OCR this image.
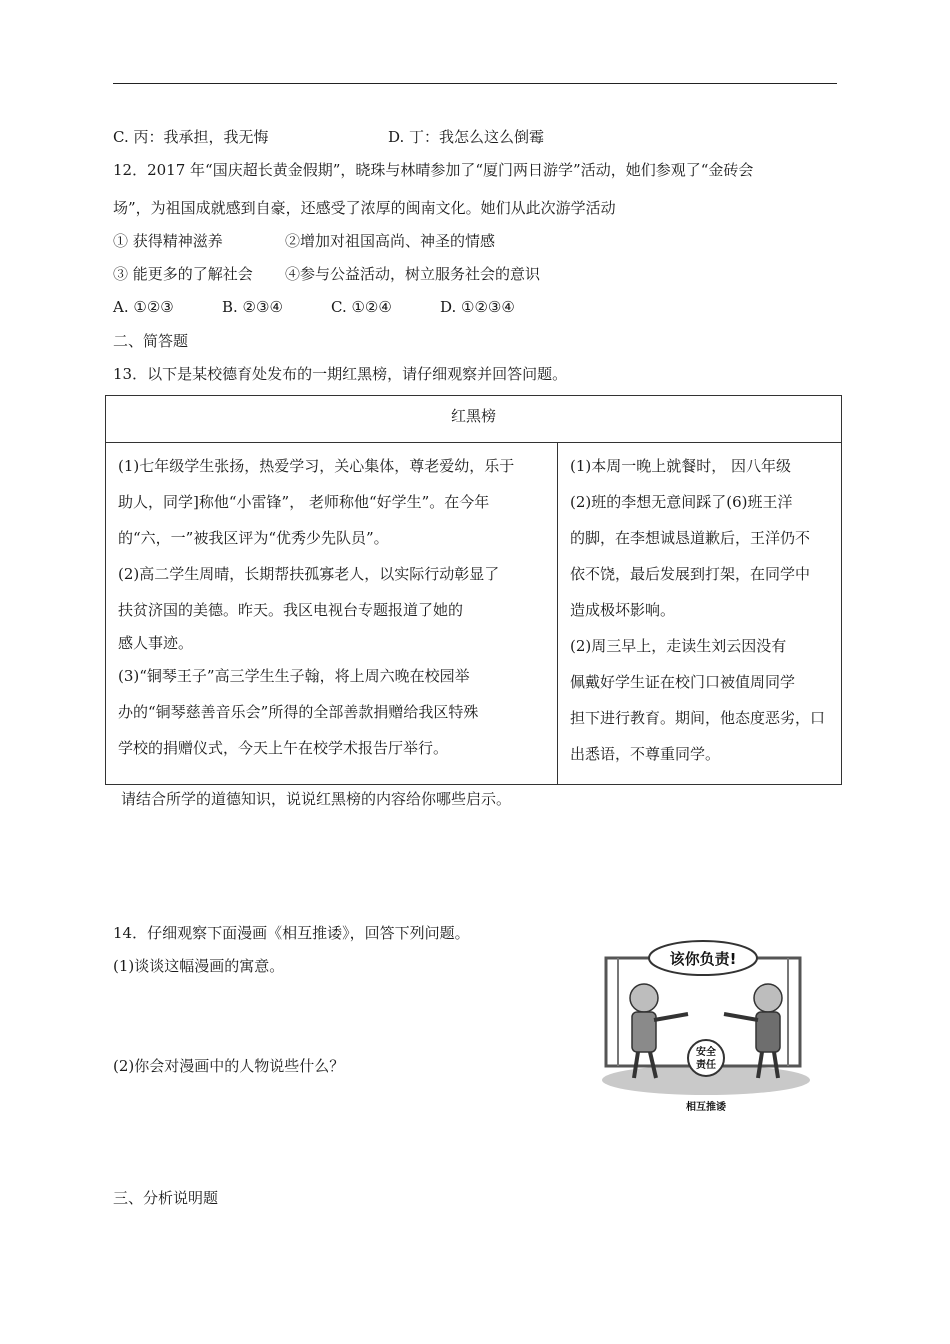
C. 丙：我承担，我无悔	D. 丁：我怎么这么倒霉
12．2017 年“国庆超长黄金假期”，晓珠与林晴参加了“厦门两日游学”活动，她们参观了“金砖会
场”，为祖国成就感到自豪，还感受了浓厚的闽南文化。她们从此次游学活动
① 获得精神滋养	②增加对祖国高尚、神圣的情感
③ 能更多的了解社会 ④参与公益活动，树立服务社会的意识
A. ①②③	B. ②③④	C. ①②④	D. ①②③④
二、简答题
13．以下是某校德育处发布的一期红黑榜，请仔细观察并回答问题。
红黑榜
(1)七年级学生张扬，热爱学习，关心集体，尊老爱幼，乐于
助人，同学]称他“小雷锋”， 老师称他“好学生”。在今年
的“六，一”被我区评为“优秀少先队员”。
(2)高二学生周晴，长期帮扶孤寡老人，以实际行动彰显了
扶贫济国的美德。昨天。我区电视台专题报道了她的
感人事迹。
(3)“铜琴王子”高三学生生子翰，将上周六晚在校园举
办的“铜琴慈善音乐会”所得的全部善款捐赠给我区特殊
学校的捐赠仪式，今天上午在校学术报告厅举行。
(1)本周一晚上就餐时， 因八年级
(2)班的李想无意间踩了(6)班王洋
的脚，在李想诚恳道歉后，王洋仍不
依不饶，最后发展到打架，在同学中
造成极坏影响。
(2)周三早上，走读生刘云因没有
佩戴好学生证在校门口被值周同学
担下进行教育。期间，他态度恶劣，口
出悉语，不尊重同学。
请结合所学的道德知识，说说红黑榜的内容给你哪些启示。
14．仔细观察下面漫画《相互推诿》，回答下列问题。
(1)谈谈这幅漫画的寓意。
(2)你会对漫画中的人物说些什么？
该你负责!
安全
责任
相互推诿
三、分析说明题
